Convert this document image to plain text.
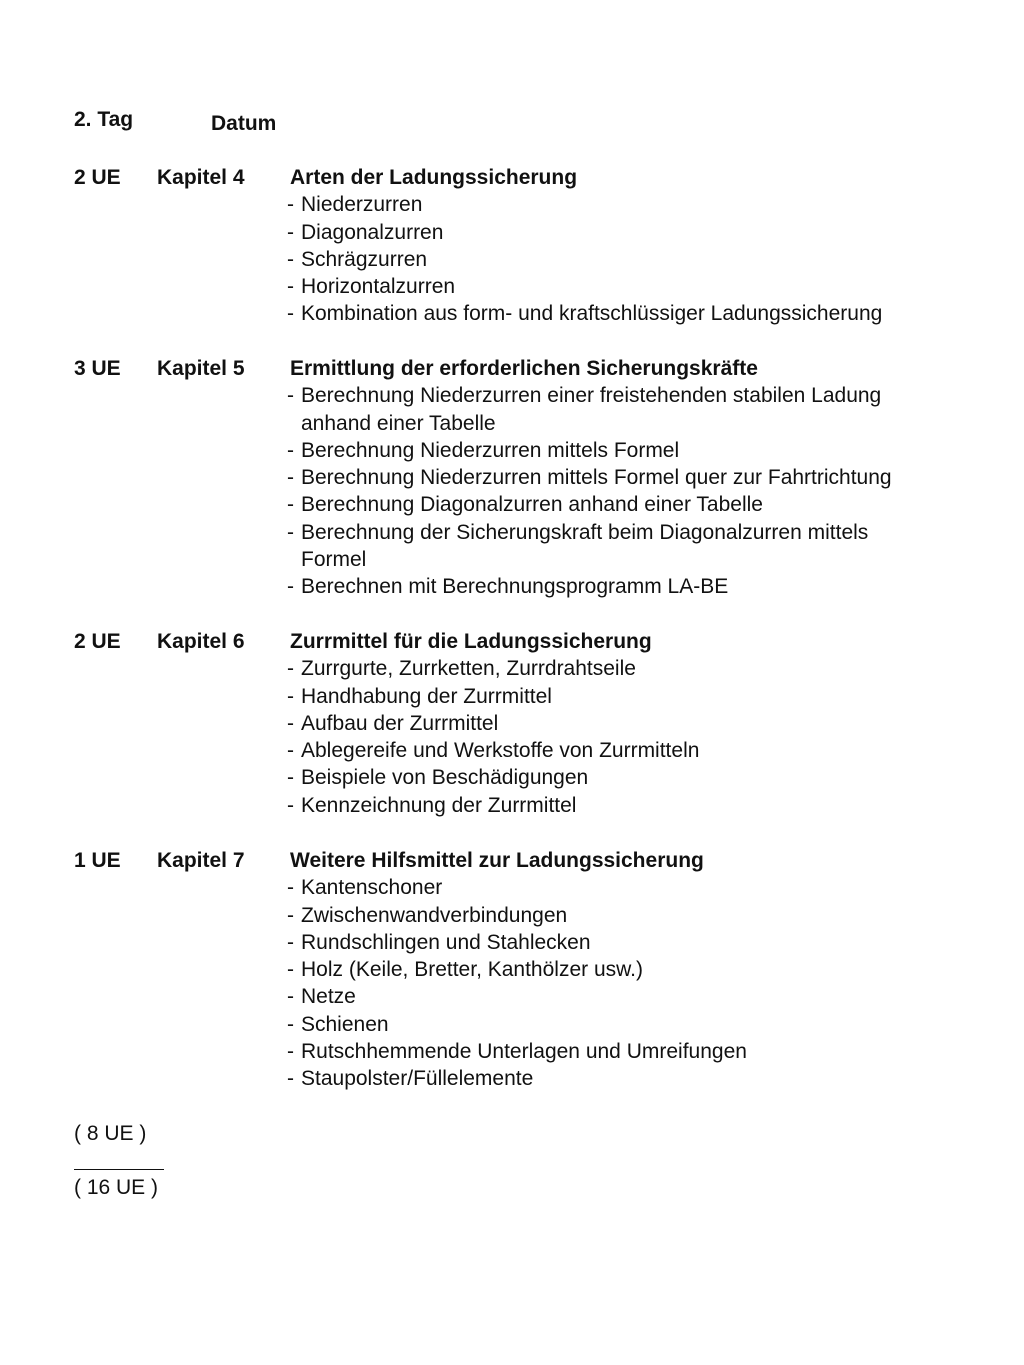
2. Tag	Datum
2 UE Kapitel 4 Arten der Ladungssicherung
- Niederzurren
- Diagonalzurren
- Schrägzurren
- Horizontalzurren
- Kombination aus form- und kraftschlüssiger Ladungssicherung
3 UE Kapitel 5 Ermittlung der erforderlichen Sicherungskräfte
- Berechnung Niederzurren einer freistehenden stabilen Ladung
anhand einer Tabelle
- Berechnung Niederzurren mittels Formel
- Berechnung Niederzurren mittels Formel quer zur Fahrtrichtung
- Berechnung Diagonalzurren anhand einer Tabelle
- Berechnung der Sicherungskraft beim Diagonalzurren mittels
Formel
- Berechnen mit Berechnungsprogramm LA-BE
2 UE Kapitel 6 Zurrmittel für die Ladungssicherung
- Zurrgurte, Zurrketten, Zurrdrahtseile
- Handhabung der Zurrmittel
- Aufbau der Zurrmittel
- Ablegereife und Werkstoffe von Zurrmitteln
- Beispiele von Beschädigungen
- Kennzeichnung der Zurrmittel
1 UE Kapitel 7 Weitere Hilfsmittel zur Ladungssicherung
- Kantenschoner
- Zwischenwandverbindungen
- Rundschlingen und Stahlecken
- Holz (Keile, Bretter, Kanthölzer usw.)
- Netze
- Schienen
- Rutschhemmende Unterlagen und Umreifungen
- Staupolster/Füllelemente
( 8 UE )
( 16 UE )
